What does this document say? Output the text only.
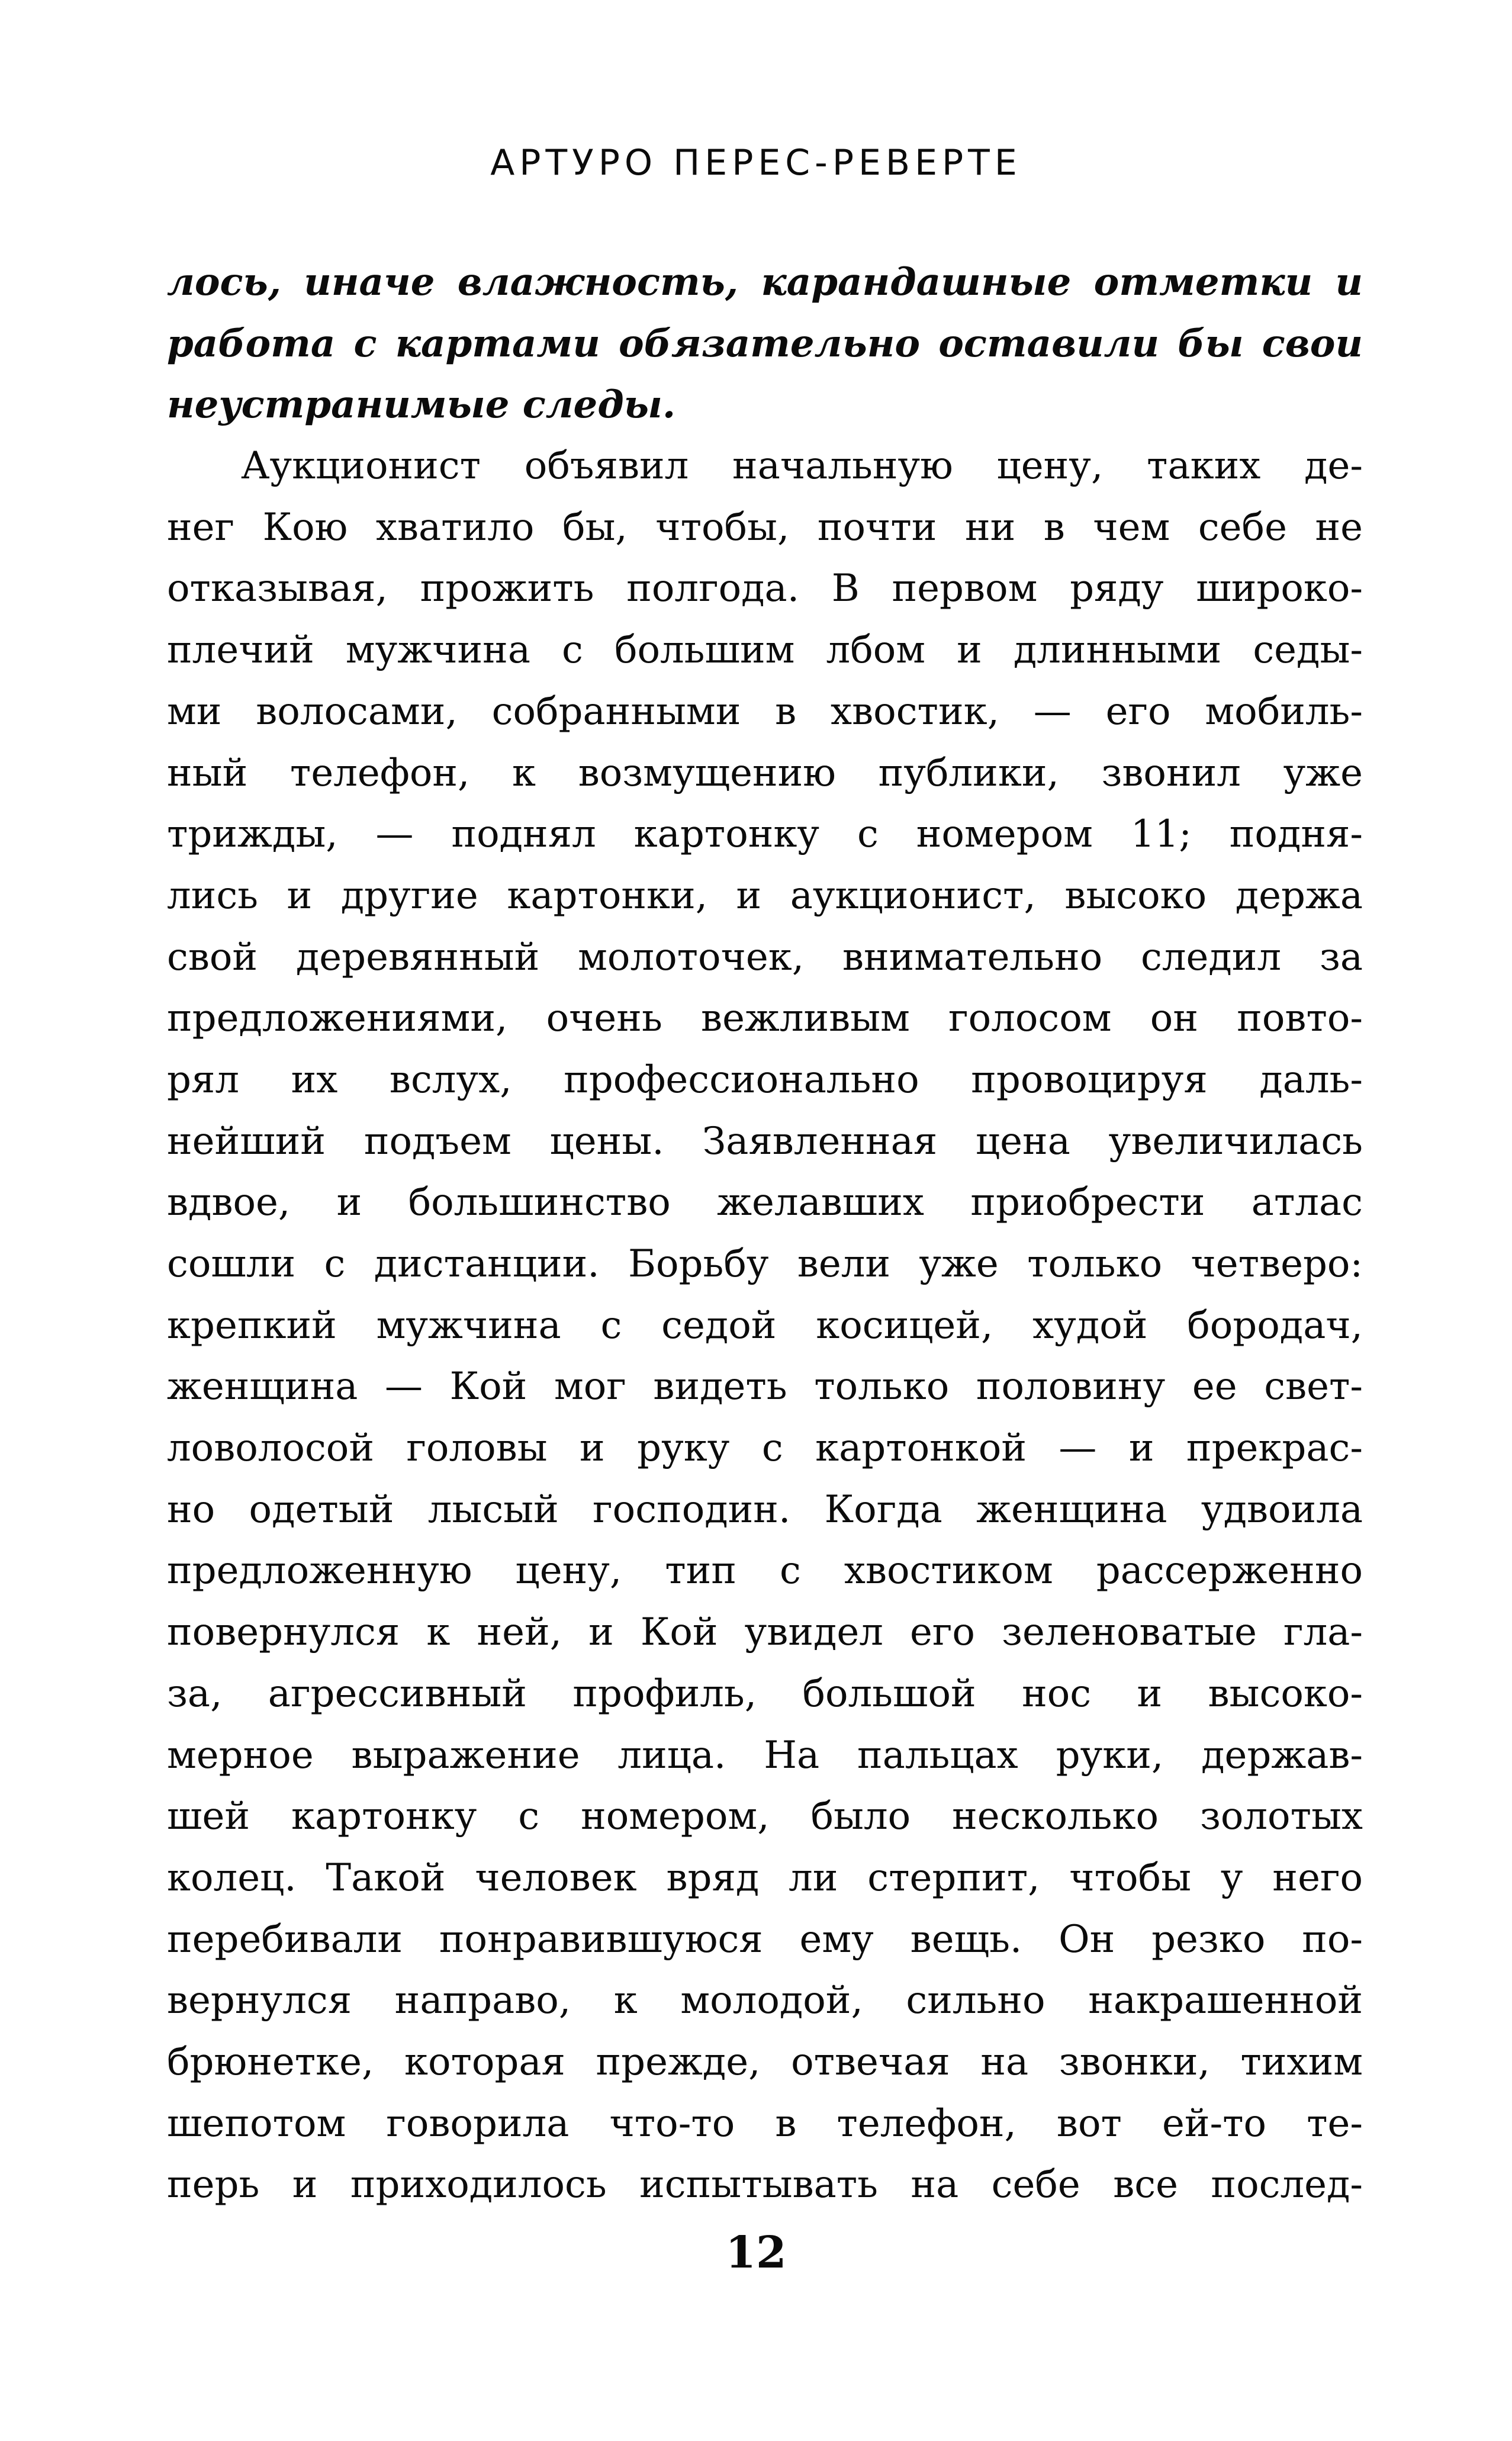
АРТУРО ПЕРЕС-РЕВЕРТЕ
лось, иначе влажность, карандашные отметки и
работа с картами обязательно оставили бы свои
неустранимые следы.
Аукционист объявил начальную цену, таких де-
нег Кою хватило бы, чтобы, почти ни в чем себе не
отказывая, прожить полгода. В первом ряду широко-
плечий мужчина с большим лбом и длинными седы-
ми волосами, собранными в хвостик, — его мобиль-
ный телефон, к возмущению публики, звонил уже
трижды, — поднял картонку с номером 11; подня-
лись и другие картонки, и аукционист, высоко держа
свой деревянный молоточек, внимательно следил за
предложениями, очень вежливым голосом он повто-
рял их вслух, профессионально провоцируя даль-
нейший подъем цены. Заявленная цена увеличилась
вдвое, и большинство желавших приобрести атлас
сошли с дистанции. Борьбу вели уже только четверо:
крепкий мужчина с седой косицей, худой бородач,
женщина — Кой мог видеть только половину ее свет-
ловолосой головы и руку с картонкой — и прекрас-
но одетый лысый господин. Когда женщина удвоила
предложенную цену, тип с хвостиком рассерженно
повернулся к ней, и Кой увидел его зеленоватые гла-
за, агрессивный профиль, большой нос и высоко-
мерное выражение лица. На пальцах руки, держав-
шей картонку с номером, было несколько золотых
колец. Такой человек вряд ли стерпит, чтобы у него
перебивали понравившуюся ему вещь. Он резко по-
вернулся направо, к молодой, сильно накрашенной
брюнетке, которая прежде, отвечая на звонки, тихим
шепотом говорила что-то в телефон, вот ей-то те-
перь и приходилось испытывать на себе все послед-
12
